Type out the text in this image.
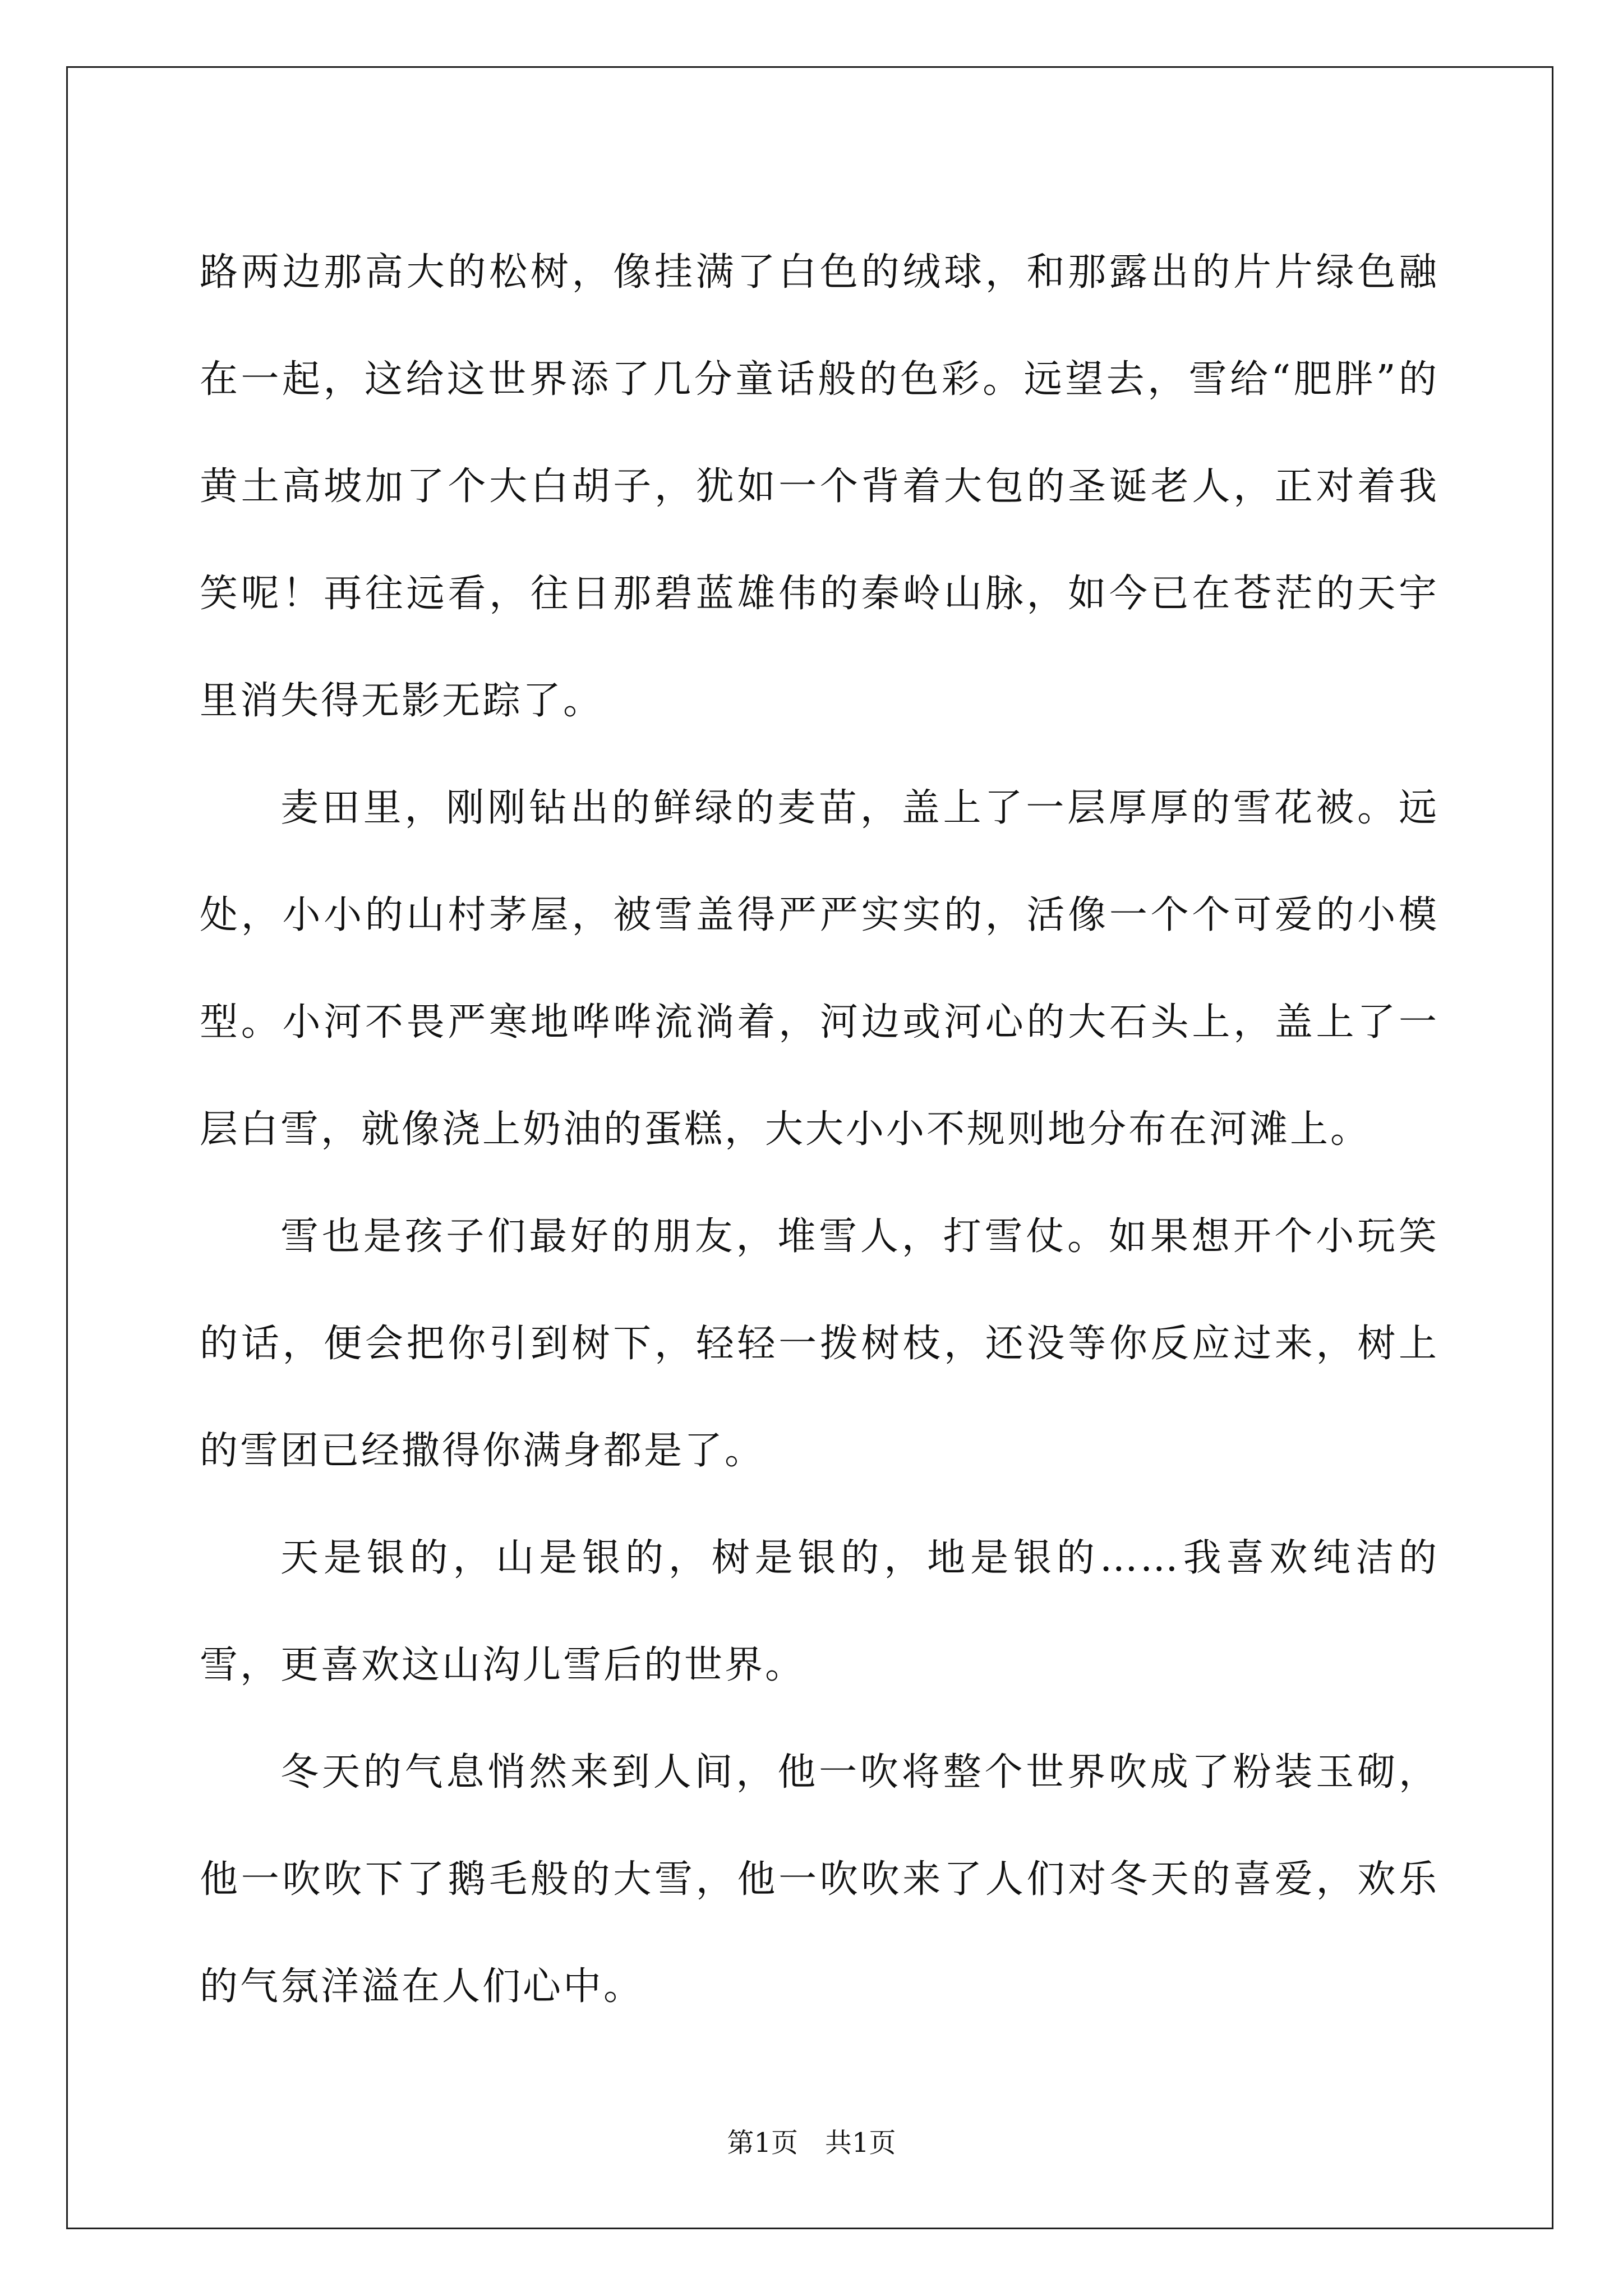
路两边那高大的松树，像挂满了白色的绒球，和那露出的片片绿色融在一起，这给这世界添了几分童话般的色彩。远望去，雪给“肥胖”的黄土高坡加了个大白胡子，犹如一个背着大包的圣诞老人，正对着我笑呢！再往远看，往日那碧蓝雄伟的秦岭山脉，如今已在苍茫的天宇里消失得无影无踪了。

麦田里，刚刚钻出的鲜绿的麦苗，盖上了一层厚厚的雪花被。远处，小小的山村茅屋，被雪盖得严严实实的，活像一个个可爱的小模型。小河不畏严寒地哗哗流淌着，河边或河心的大石头上，盖上了一层白雪，就像浇上奶油的蛋糕，大大小小不规则地分布在河滩上。

雪也是孩子们最好的朋友，堆雪人，打雪仗。如果想开个小玩笑的话，便会把你引到树下，轻轻一拨树枝，还没等你反应过来，树上的雪团已经撒得你满身都是了。

天是银的，山是银的，树是银的，地是银的……我喜欢纯洁的雪，更喜欢这山沟儿雪后的世界。

冬天的气息悄然来到人间，他一吹将整个世界吹成了粉装玉砌，他一吹吹下了鹅毛般的大雪，他一吹吹来了人们对冬天的喜爱，欢乐的气氛洋溢在人们心中。

第1页　共1页
